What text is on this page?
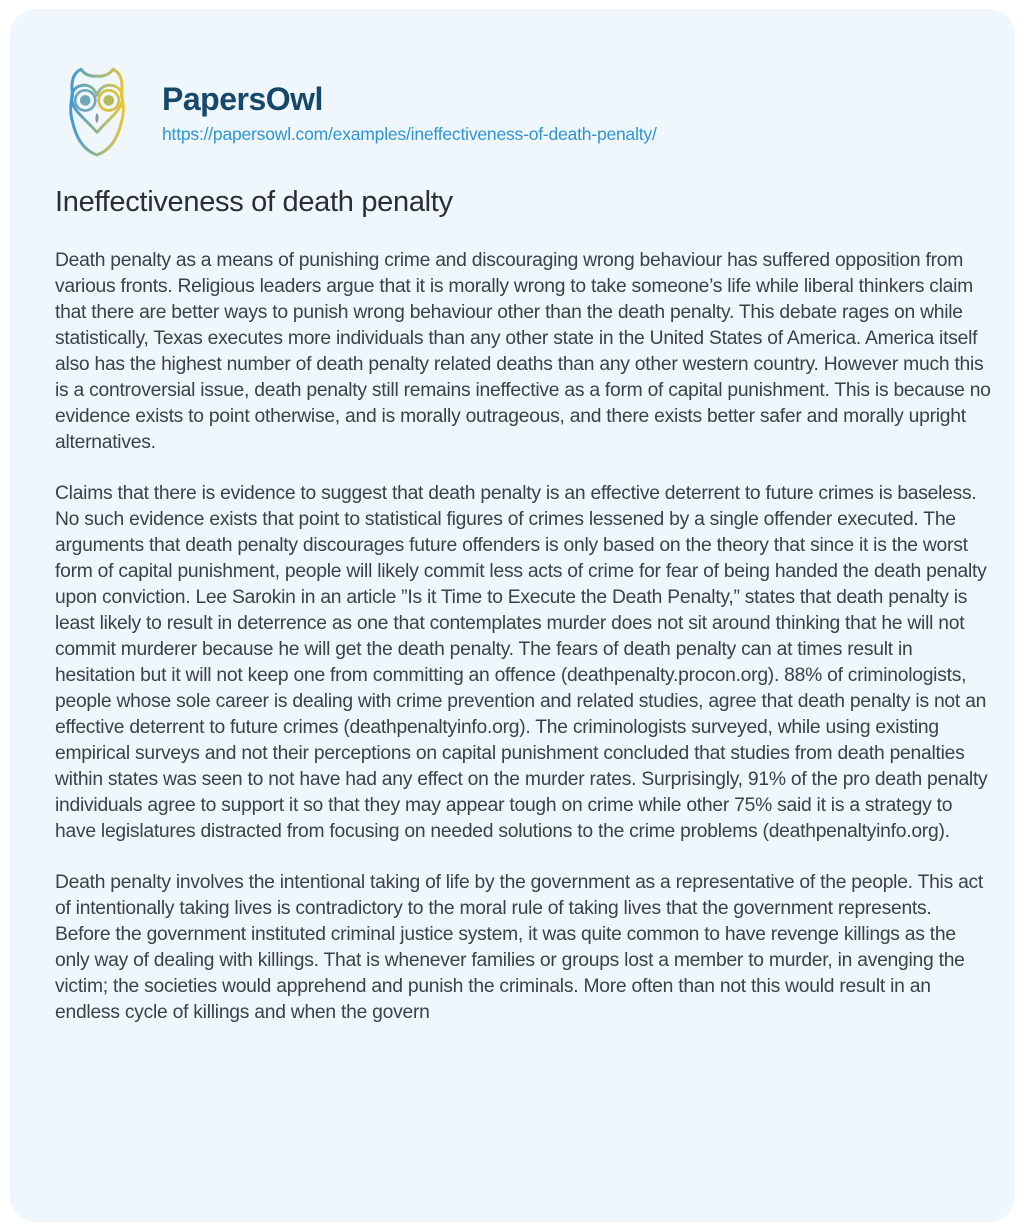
PapersOwl
https://papersowl.com/examples/ineffectiveness-of-death-penalty/
Ineffectiveness of death penalty

Death penalty as a means of punishing crime and discouraging wrong behaviour has suffered opposition from various fronts. Religious leaders argue that it is morally wrong to take someone’s life while liberal thinkers claim that there are better ways to punish wrong behaviour other than the death penalty. This debate rages on while statistically, Texas executes more individuals than any other state in the United States of America. America itself also has the highest number of death penalty related deaths than any other western country. However much this is a controversial issue, death penalty still remains ineffective as a form of capital punishment. This is because no evidence exists to point otherwise, and is morally outrageous, and there exists better safer and morally upright alternatives.

Claims that there is evidence to suggest that death penalty is an effective deterrent to future crimes is baseless. No such evidence exists that point to statistical figures of crimes lessened by a single offender executed. The arguments that death penalty discourages future offenders is only based on the theory that since it is the worst form of capital punishment, people will likely commit less acts of crime for fear of being handed the death penalty upon conviction. Lee Sarokin in an article ”Is it Time to Execute the Death Penalty,” states that death penalty is least likely to result in deterrence as one that contemplates murder does not sit around thinking that he will not commit murderer because he will get the death penalty. The fears of death penalty can at times result in hesitation but it will not keep one from committing an offence (deathpenalty.procon.org). 88% of criminologists, people whose sole career is dealing with crime prevention and related studies, agree that death penalty is not an effective deterrent to future crimes (deathpenaltyinfo.org). The criminologists surveyed, while using existing empirical surveys and not their perceptions on capital punishment concluded that studies from death penalties within states was seen to not have had any effect on the murder rates. Surprisingly, 91% of the pro death penalty individuals agree to support it so that they may appear tough on crime while other 75% said it is a strategy to have legislatures distracted from focusing on needed solutions to the crime problems (deathpenaltyinfo.org).

Death penalty involves the intentional taking of life by the government as a representative of the people. This act of intentionally taking lives is contradictory to the moral rule of taking lives that the government represents. Before the government instituted criminal justice system, it was quite common to have revenge killings as the only way of dealing with killings. That is whenever families or groups lost a member to murder, in avenging the victim; the societies would apprehend and punish the criminals. More often than not this would result in an endless cycle of killings and when the govern
